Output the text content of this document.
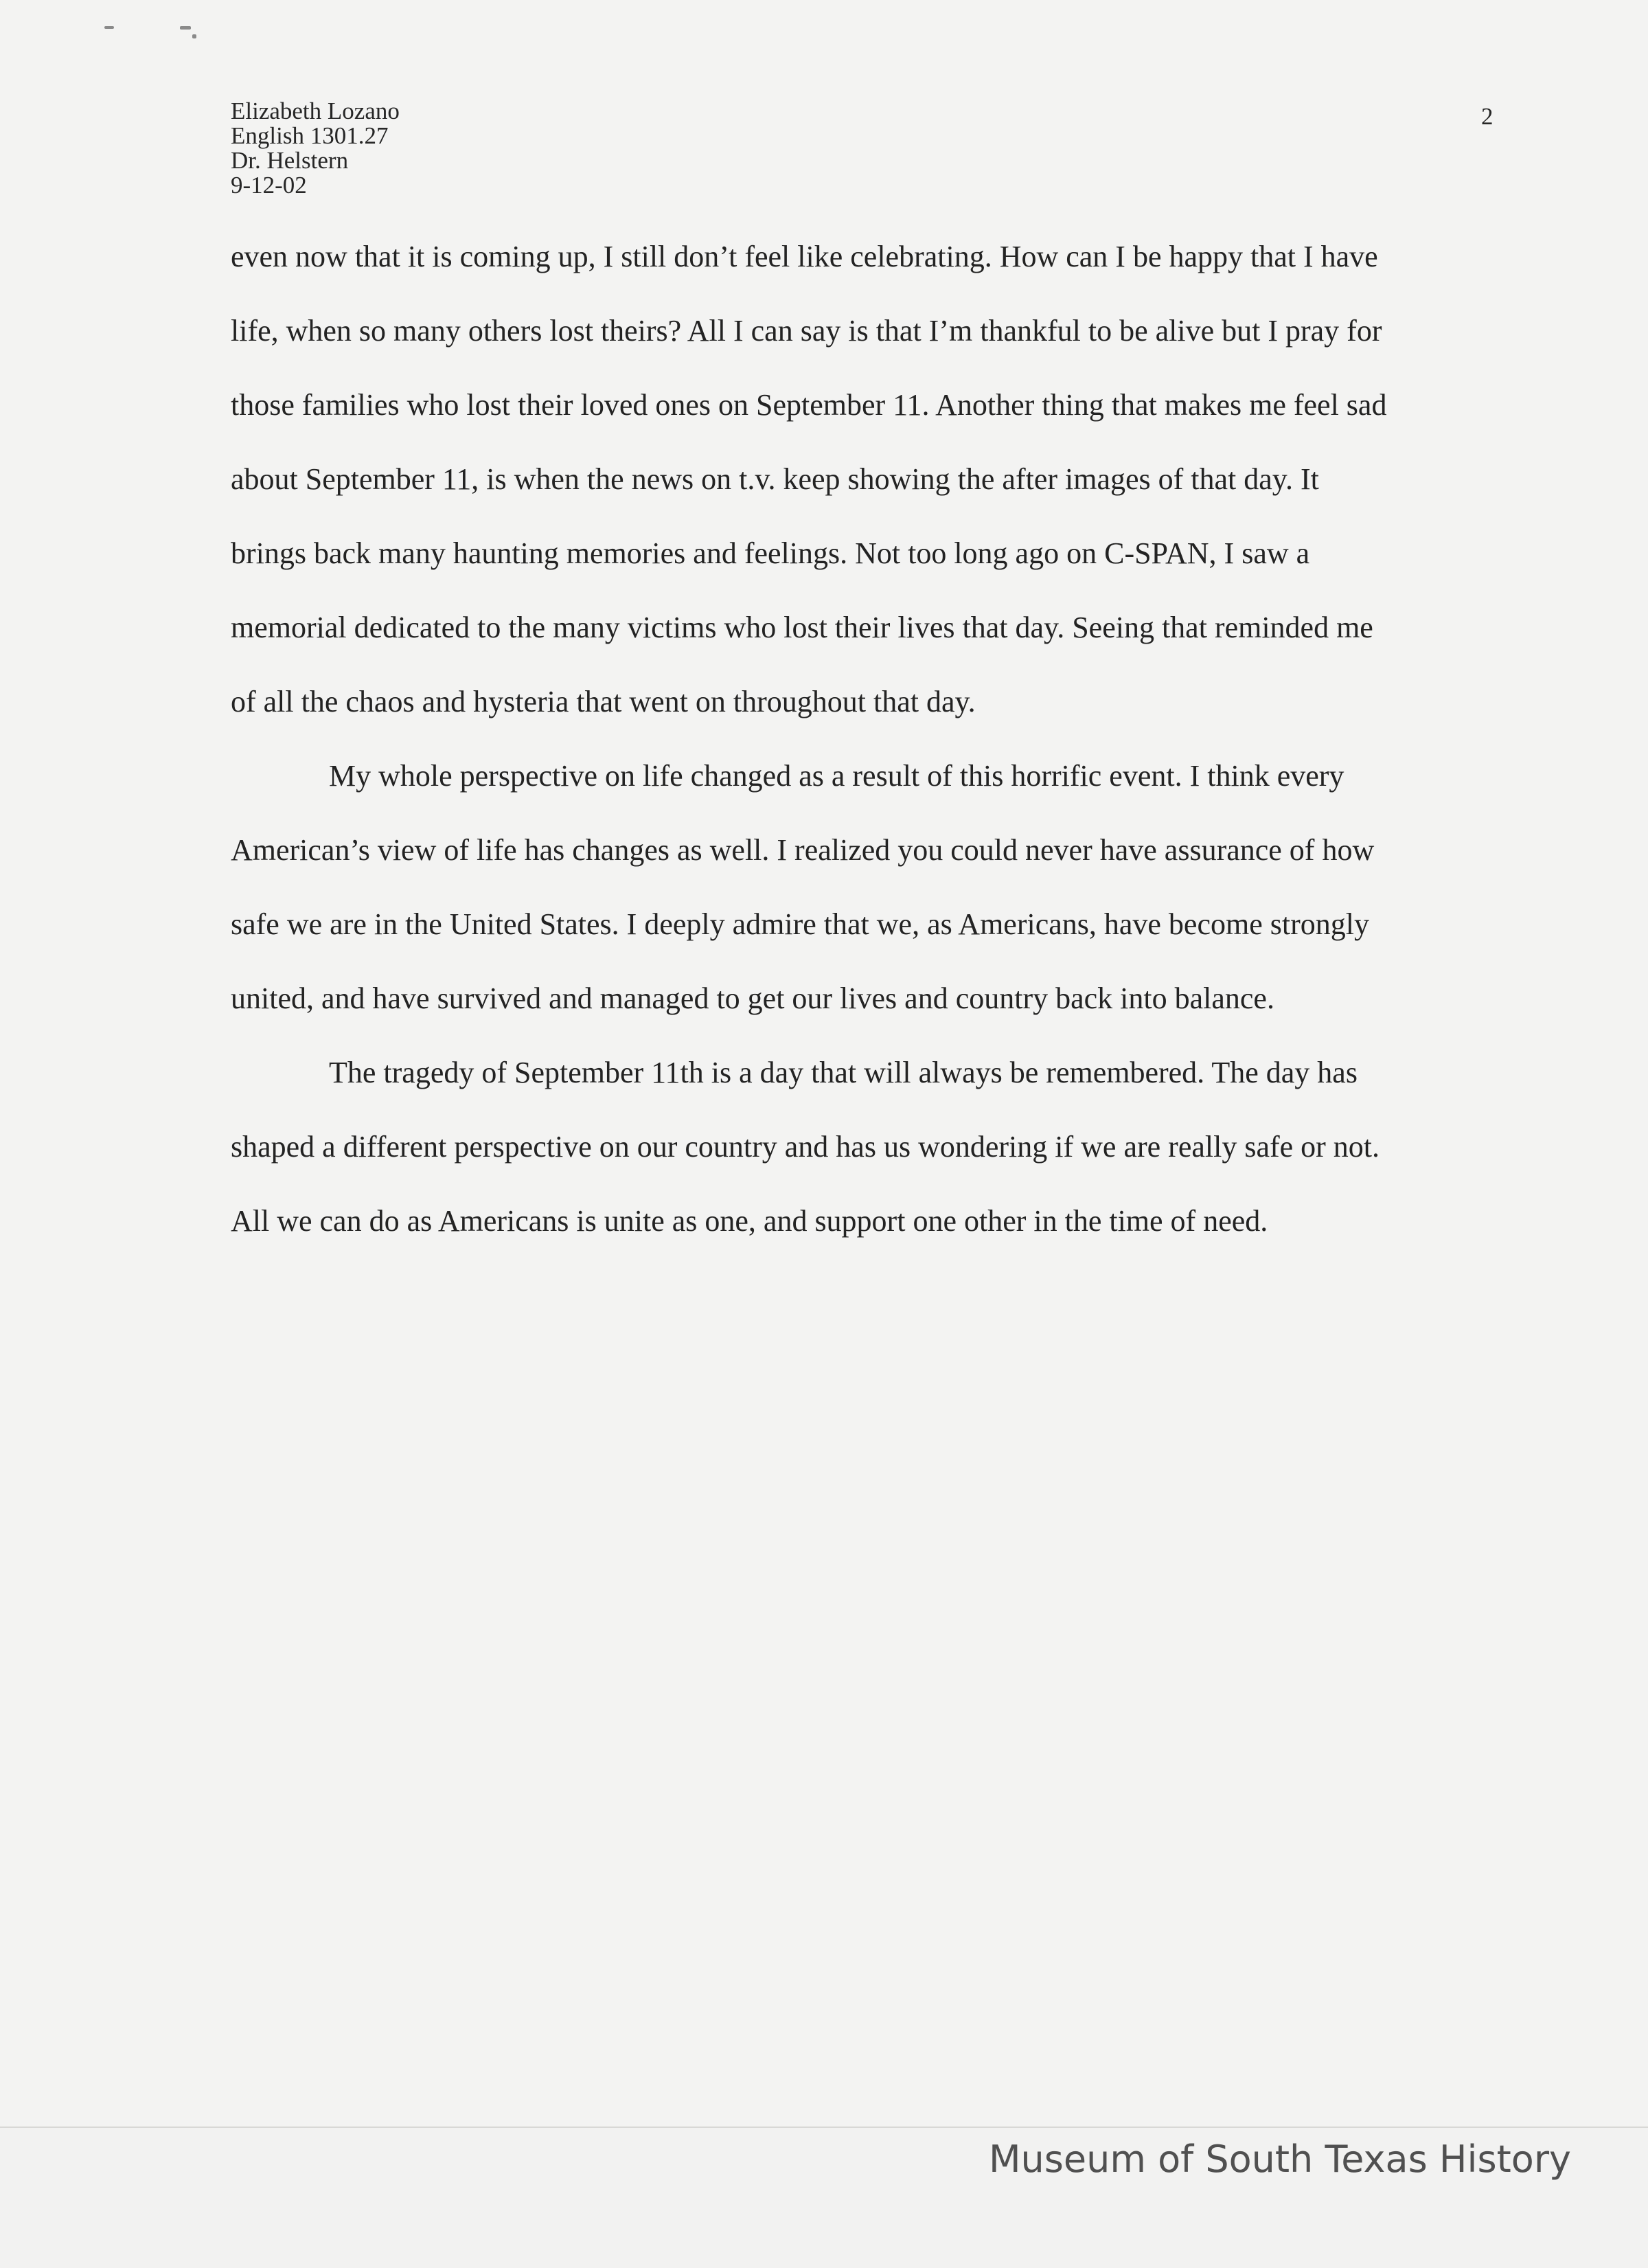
Elizabeth Lozano
English 1301.27
Dr. Helstern
9-12-02
2
even now that it is coming up, I still don’t feel like celebrating. How can I be happy that I have
life, when so many others lost theirs? All I can say is that I’m thankful to be alive but I pray for
those families who lost their loved ones on September 11. Another thing that makes me feel sad
about September 11, is when the news on t.v. keep showing the after images of that day. It
brings back many haunting memories and feelings. Not too long ago on C-SPAN, I saw a
memorial dedicated to the many victims who lost their lives that day. Seeing that reminded me
of all the chaos and hysteria that went on throughout that day.
My whole perspective on life changed as a result of this horrific event. I think every
American’s view of life has changes as well. I realized you could never have assurance of how
safe we are in the United States. I deeply admire that we, as Americans, have become strongly
united, and have survived and managed to get our lives and country back into balance.
The tragedy of September 11th is a day that will always be remembered. The day has
shaped a different perspective on our country and has us wondering if we are really safe or not.
All we can do as Americans is unite as one, and support one other in the time of need.
Museum of South Texas History
